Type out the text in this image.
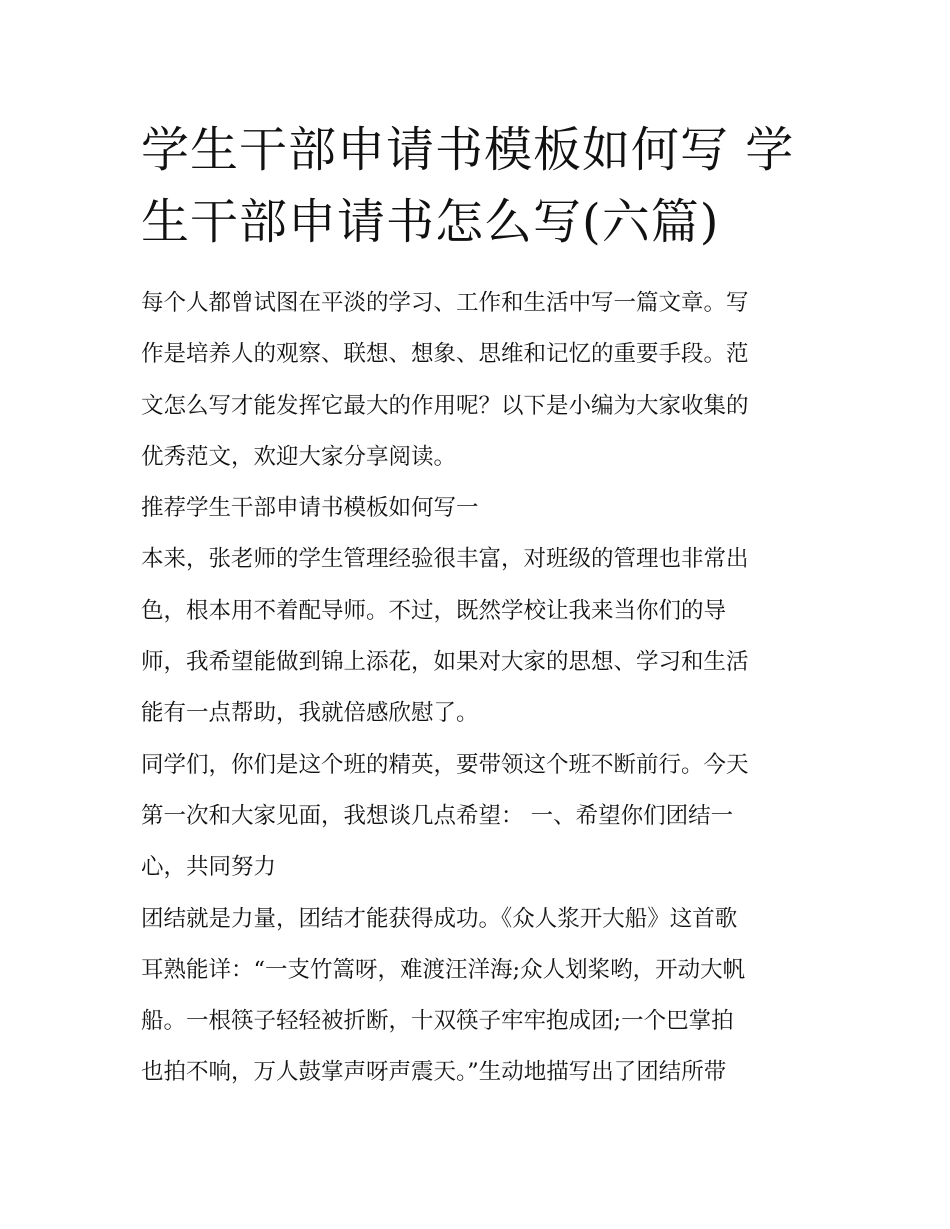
学生干部申请书模板如何写 学
生干部申请书怎么写(六篇)
每个人都曾试图在平淡的学习、工作和生活中写一篇文章。写
作是培养人的观察、联想、想象、思维和记忆的重要手段。范
文怎么写才能发挥它最大的作用呢？以下是小编为大家收集的
优秀范文，欢迎大家分享阅读。
推荐学生干部申请书模板如何写一
本来，张老师的学生管理经验很丰富，对班级的管理也非常出
色，根本用不着配导师。不过，既然学校让我来当你们的导
师，我希望能做到锦上添花，如果对大家的思想、学习和生活
能有一点帮助，我就倍感欣慰了。
同学们，你们是这个班的精英，要带领这个班不断前行。今天
第一次和大家见面，我想谈几点希望： 一、希望你们团结一
心，共同努力
团结就是力量，团结才能获得成功。《众人浆开大船》这首歌
耳熟能详：“一支竹篙呀，难渡汪洋海;众人划桨哟，开动大帆
船。一根筷子轻轻被折断，十双筷子牢牢抱成团;一个巴掌拍
也拍不响，万人鼓掌声呀声震天。”生动地描写出了团结所带
